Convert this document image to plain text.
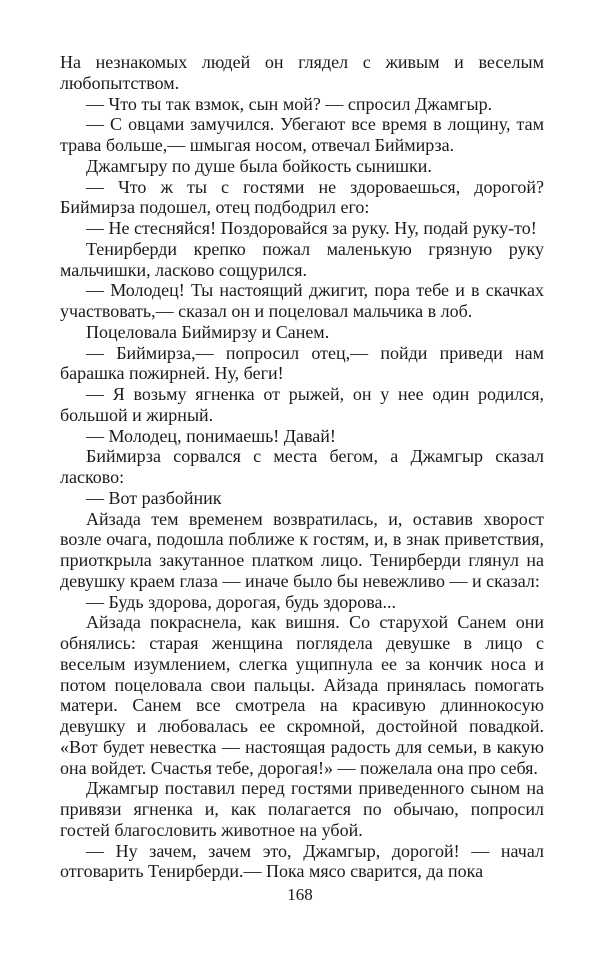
На незнакомых людей он глядел с живым и веселым любопытством.

— Что ты так взмок, сын мой? — спросил Джамгыр.

— С овцами замучился. Убегают все время в лощину, там трава больше,— шмыгая носом, отвечал Биймирза.

Джамгыру по душе была бойкость сынишки.

— Что ж ты с гостями не здороваешься, дорогой? Биймирза подошел, отец подбодрил его:

— Не стесняйся! Поздоровайся за руку. Ну, подай руку-то!

Тенирберди крепко пожал маленькую грязную руку мальчишки, ласково сощурился.

— Молодец! Ты настоящий джигит, пора тебе и в скачках участвовать,— сказал он и поцеловал мальчика в лоб.

Поцеловала Биймирзу и Санем.

— Биймирза,— попросил отец,— пойди приведи нам барашка пожирней. Ну, беги!

— Я возьму ягненка от рыжей, он у нее один родился, большой и жирный.

— Молодец, понимаешь! Давай!

Биймирза сорвался с места бегом, а Джамгыр сказал ласково:

— Вот разбойник

Айзада тем временем возвратилась, и, оставив хворост возле очага, подошла поближе к гостям, и, в знак приветствия, приоткрыла закутанное платком лицо. Тенирберди глянул на девушку краем глаза — иначе было бы невежливо — и сказал:

— Будь здорова, дорогая, будь здорова...

Айзада покраснела, как вишня. Со старухой Санем они обнялись: старая женщина поглядела девушке в лицо с веселым изумлением, слегка ущипнула ее за кончик носа и потом поцеловала свои пальцы. Айзада принялась помогать матери. Санем все смотрела на красивую длиннокосую девушку и любовалась ее скромной, достойной повадкой. «Вот будет невестка — настоящая радость для семьи, в какую она войдет. Счастья тебе, дорогая!» — пожелала она про себя.

Джамгыр поставил перед гостями приведенного сыном на привязи ягненка и, как полагается по обычаю, попросил гостей благословить животное на убой.

— Ну зачем, зачем это, Джамгыр, дорогой! — начал отговарить Тенирберди.— Пока мясо сварится, да пока

168
